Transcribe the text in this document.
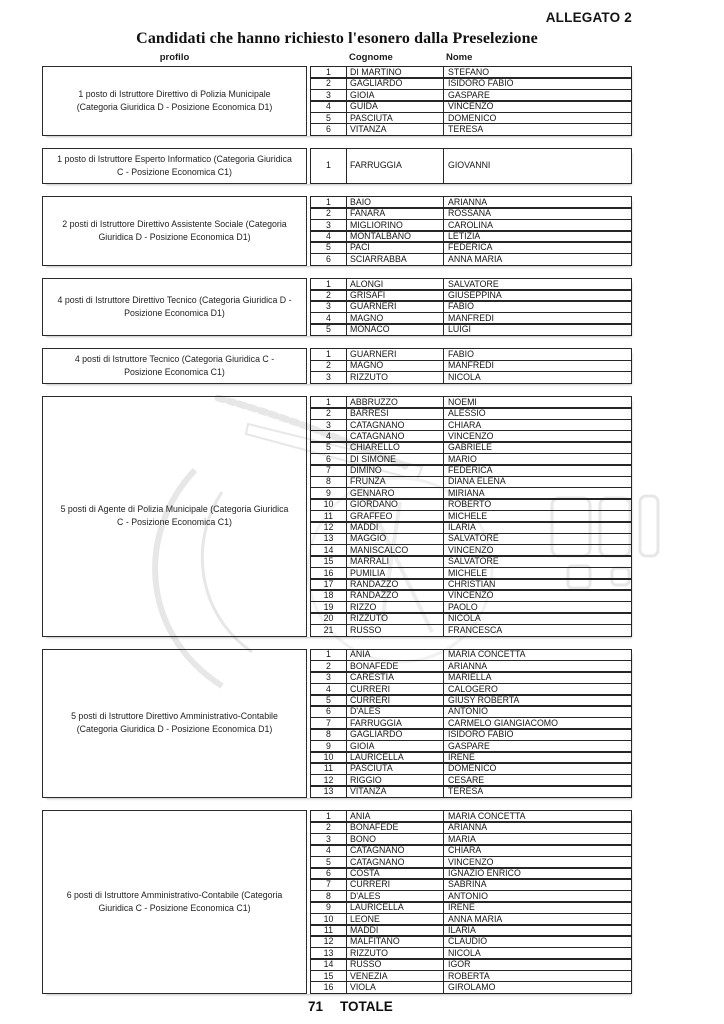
ALLEGATO 2
Candidati che hanno richiesto l'esonero dalla Preselezione
profilo	Cognome	Nome
1 posto di Istruttore Direttivo di Polizia Municipale (Categoria Giuridica D - Posizione Economica D1)
1	DI MARTINO	STEFANO
2	GAGLIARDO	ISIDORO FABIO
3	GIOIA	GASPARE
4	GUIDA	VINCENZO
5	PASCIUTA	DOMENICO
6	VITANZA	TERESA
1 posto di Istruttore Esperto Informatico (Categoria Giuridica C - Posizione Economica C1)
1	FARRUGGIA	GIOVANNI
2 posti di Istruttore Direttivo Assistente Sociale (Categoria Giuridica D - Posizione Economica D1)
1	BAIO	ARIANNA
2	FANARA	ROSSANA
3	MIGLIORINO	CAROLINA
4	MONTALBANO	LETIZIA
5	PACI	FEDERICA
6	SCIARRABBA	ANNA MARIA
4 posti di Istruttore Direttivo Tecnico (Categoria Giuridica D - Posizione Economica D1)
1	ALONGI	SALVATORE
2	GRISAFI	GIUSEPPINA
3	GUARNERI	FABIO
4	MAGNO	MANFREDI
5	MONACO	LUIGI
4 posti di Istruttore Tecnico (Categoria Giuridica C - Posizione Economica C1)
1	GUARNERI	FABIO
2	MAGNO	MANFREDI
3	RIZZUTO	NICOLA
5 posti di Agente di Polizia Municipale (Categoria Giuridica C - Posizione Economica C1)
1	ABBRUZZO	NOEMI
2	BARRESI	ALESSIO
3	CATAGNANO	CHIARA
4	CATAGNANO	VINCENZO
5	CHIARELLO	GABRIELE
6	DI SIMONE	MARIO
7	DIMINO	FEDERICA
8	FRUNZA	DIANA ELENA
9	GENNARO	MIRIANA
10	GIORDANO	ROBERTO
11	GRAFFEO	MICHELE
12	MADDI	ILARIA
13	MAGGIO	SALVATORE
14	MANISCALCO	VINCENZO
15	MARRALI	SALVATORE
16	PUMILIA	MICHELE
17	RANDAZZO	CHRISTIAN
18	RANDAZZO	VINCENZO
19	RIZZO	PAOLO
20	RIZZUTO	NICOLA
21	RUSSO	FRANCESCA
5 posti di Istruttore Direttivo Amministrativo-Contabile (Categoria Giuridica D - Posizione Economica D1)
1	ANIA	MARIA CONCETTA
2	BONAFEDE	ARIANNA
3	CARESTIA	MARIELLA
4	CURRERI	CALOGERO
5	CURRERI	GIUSY ROBERTA
6	D'ALES	ANTONIO
7	FARRUGGIA	CARMELO GIANGIACOMO
8	GAGLIARDO	ISIDORO FABIO
9	GIOIA	GASPARE
10	LAURICELLA	IRENE
11	PASCIUTA	DOMENICO
12	RIGGIO	CESARE
13	VITANZA	TERESA
6 posti di Istruttore Amministrativo-Contabile (Categoria Giuridica C - Posizione Economica C1)
1	ANIA	MARIA CONCETTA
2	BONAFEDE	ARIANNA
3	BONO	MARIA
4	CATAGNANO	CHIARA
5	CATAGNANO	VINCENZO
6	COSTA	IGNAZIO ENRICO
7	CURRERI	SABRINA
8	D'ALES	ANTONIO
9	LAURICELLA	IRENE
10	LEONE	ANNA MARIA
11	MADDI	ILARIA
12	MALFITANO	CLAUDIO
13	RIZZUTO	NICOLA
14	RUSSO	IGOR
15	VENEZIA	ROBERTA
16	VIOLA	GIROLAMO
71 TOTALE
